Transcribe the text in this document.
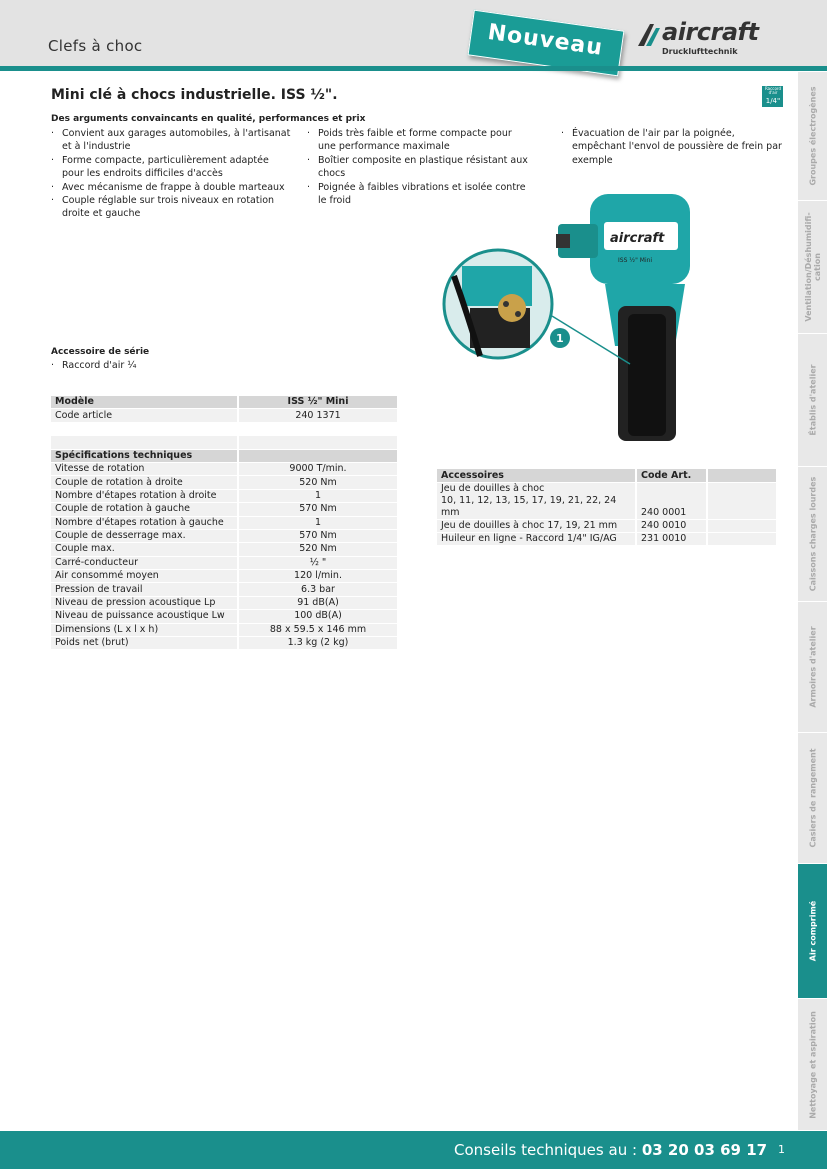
Clefs à choc	Nouveau aircraft
Drucklufttechnik
Groupes électrogènes
Ventilation/Déshumidifi-
cation
Établis d'atelier
Caissons charges lourdes
Armoires d'atelier
Casiers de rangement
Air comprimé
Nettoyage et aspiration
Mini clé à chocs industrielle. ISS ½".	Raccord d'air
1/4"
Des arguments convaincants en qualité, performances et prix
· Convient aux garages automobiles, à l'artisanat et à l'industrie
· Forme compacte, particulièrement adaptée pour les endroits difficiles d'accès
· Avec mécanisme de frappe à double marteaux
· Couple réglable sur trois niveaux en rotation droite et gauche
· Poids très faible et forme compacte pour une performance maximale
· Boîtier composite en plastique résistant aux chocs
· Poignée à faibles vibrations et isolée contre le froid
· Évacuation de l'air par la poignée, empêchant l'envol de poussière de frein par exemple
aircraft
ISS ½" Mini
1
Accessoire de série
· Raccord d'air ¼
Modèle	ISS ½" Mini
Code article	240 1371

Spécifications techniques	
Vitesse de rotation	9000 T/min.
Couple de rotation à droite	520 Nm
Nombre d'étapes rotation à droite	1
Couple de rotation à gauche	570 Nm
Nombre d'étapes rotation à gauche	1
Couple de desserrage max.	570 Nm
Couple max.	520 Nm
Carré-conducteur	½ "
Air consommé moyen	120 l/min.
Pression de travail	6.3 bar
Niveau de pression acoustique Lp	91 dB(A)
Niveau de puissance acoustique Lw	100 dB(A)
Dimensions (L x l x h)	88 x 59.5 x 146 mm
Poids net (brut)	1.3 kg (2 kg)
Accessoires	Code Art.	
Jeu de douilles à choc
10, 11, 12, 13, 15, 17, 19, 21, 22, 24 mm	240 0001	
Jeu de douilles à choc 17, 19, 21 mm	240 0010	
Huileur en ligne - Raccord 1/4" IG/AG	231 0010	
Conseils techniques au : 03 20 03 69 17 1
